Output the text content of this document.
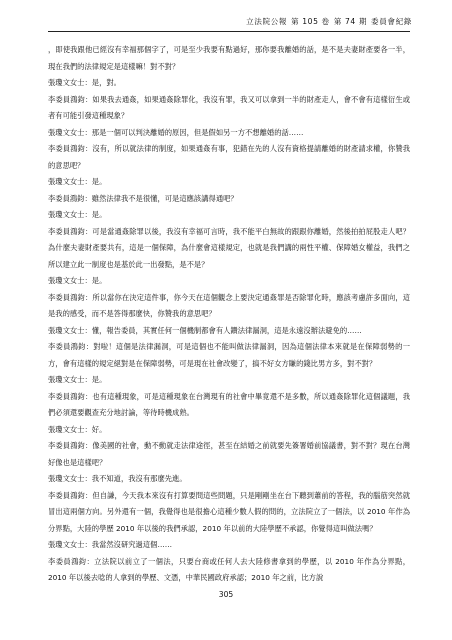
立法院公報 第 105 卷 第 74 期 委員會紀錄

，即使我跟他已經沒有幸福那個字了，可是至少我要有點過好，那你要我離婚的話，是不是夫妻財產要各一半，現在我們的法律規定是這樣嘛！對不對？

張瓊文女士：是，對。

李委員鴻鈞：如果我去通姦，如果通姦除罪化，我沒有罪，我又可以拿到一半的財產走人，會不會有這樣衍生或者有可能引發這種現象？

張瓊文女士：那是一個可以判決離婚的原因，但是假如另一方不想離婚的話……

李委員鴻鈞：沒有，所以就法律的制度，如果通姦有事，犯錯在先的人沒有資格提請離婚的財產請求權，你贊我的意思吧？

張瓊文女士：是。

李委員鴻鈞：雖然法律我不是很懂，可是這應該講得通吧？

張瓊文女士：是。

李委員鴻鈞：可是當通姦除罪以後，我沒有幸福可言時，我不能平白無故的跟跟你離婚，然後拍拍屁股走人吧？為什麼夫妻財產要共有，這是一個保障，為什麼會這樣規定，也就是我們講的兩性平權、保障婚女權益，我們之所以建立此一制度也是基於此一出發點，是不是？

張瓊文女士：是。

李委員鴻鈞：所以當你在決定這件事，你今天在這個觀念上要決定通姦罪是否除罪化時，應該考慮許多面向，這是我的感受，而不是答得那麼快，你贊我的意思吧？

張瓊文女士：懂，報告委員，其實任何一個機制都會有人鑽法律漏洞，這是永遠沒辦法避免的……

李委員鴻鈞：對啦！這個是法律漏洞，可是這個也不能叫做法律漏洞，因為這個法律本來就是在保障弱勢的一方，會有這樣的規定絕對是在保障弱勢，可是現在社會改變了，搞不好女方賺的錢比男方多，對不對？

張瓊文女士：是。

李委員鴻鈞：也有這種現象，可是這種現象在台灣現有的社會中畢竟還不是多數，所以通姦除罪化這個議題，我們必須還要觀查充分地討論，等待時機成熟。

張瓊文女士：好。

李委員鴻鈞：像美國的社會，動不動就走法律途徑，甚至在結婚之前就要先簽署婚前協議書，對不對？現在台灣好像也是這樣吧？

張瓊文女士：我不知道，我沒有那麼先進。

李委員鴻鈞：但自謙，今天我本來沒有打算要問這些問題，只是剛剛坐在台下聽到蕭前的答程，我的腦筋突然就冒出這兩個方向。另外還有一個，我覺得也是很擔心這種少數人假的問的，立法院立了一個法，以 2010 年作為分界點，大陸的學歷 2010 年以後的我們承認，2010 年以前的大陸學歷不承認，你覺得這叫做法嗎？

張瓊文女士：我當然沒研究過這個……

李委員鴻鈞：立法院以前立了一個法，只要台商或任何人去大陸修書拿到的學歷，以 2010 年作為分界點，2010 年以後去唸的人拿到的學歷、文憑，中華民國政府承認；2010 年之前，比方說

305
